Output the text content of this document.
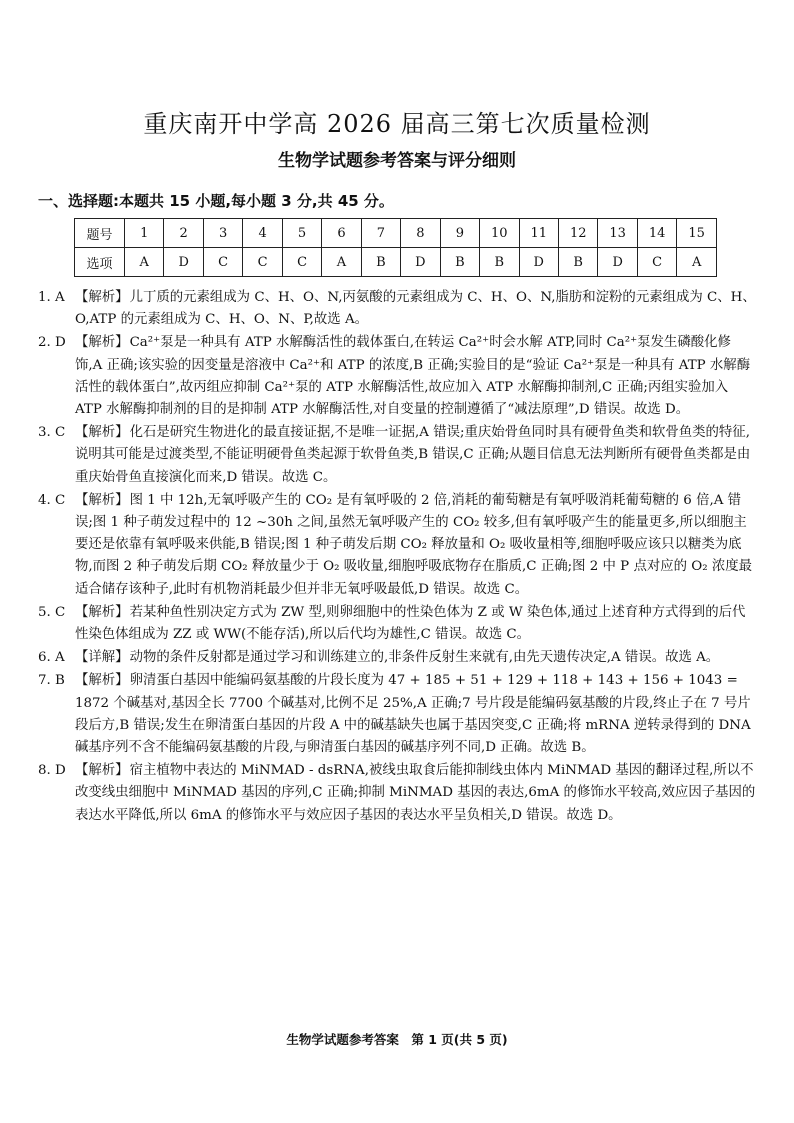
重庆南开中学高 2026 届高三第七次质量检测
生物学试题参考答案与评分细则
一、选择题:本题共 15 小题,每小题 3 分,共 45 分。
题号	1	2	3	4	5	6	7	8	9	10	11	12	13	14	15
选项	A	D	C	C	C	A	B	D	B	B	D	B	D	C	A
1. A 【解析】儿丁质的元素组成为 C、H、O、N,丙氨酸的元素组成为 C、H、O、N,脂肪和淀粉的元素组成为 C、H、O,ATP 的元素组成为 C、H、O、N、P,故选 A。
2. D 【解析】Ca²⁺泵是一种具有 ATP 水解酶活性的载体蛋白,在转运 Ca²⁺时会水解 ATP,同时 Ca²⁺泵发生磷酸化修饰,A 正确;该实验的因变量是溶液中 Ca²⁺和 ATP 的浓度,B 正确;实验目的是“验证 Ca²⁺泵是一种具有 ATP 水解酶活性的载体蛋白”,故丙组应抑制 Ca²⁺泵的 ATP 水解酶活性,故应加入 ATP 水解酶抑制剂,C 正确;丙组实验加入 ATP 水解酶抑制剂的目的是抑制 ATP 水解酶活性,对自变量的控制遵循了“减法原理”,D 错误。故选 D。
3. C 【解析】化石是研究生物进化的最直接证据,不是唯一证据,A 错误;重庆始骨鱼同时具有硬骨鱼类和软骨鱼类的特征,说明其可能是过渡类型,不能证明硬骨鱼类起源于软骨鱼类,B 错误,C 正确;从题目信息无法判断所有硬骨鱼类都是由重庆始骨鱼直接演化而来,D 错误。故选 C。
4. C 【解析】图 1 中 12h,无氧呼吸产生的 CO₂ 是有氧呼吸的 2 倍,消耗的葡萄糖是有氧呼吸消耗葡萄糖的 6 倍,A 错误;图 1 种子萌发过程中的 12 ~30h 之间,虽然无氧呼吸产生的 CO₂ 较多,但有氧呼吸产生的能量更多,所以细胞主要还是依靠有氧呼吸来供能,B 错误;图 1 种子萌发后期 CO₂ 释放量和 O₂ 吸收量相等,细胞呼吸应该只以糖类为底物,而图 2 种子萌发后期 CO₂ 释放量少于 O₂ 吸收量,细胞呼吸底物存在脂质,C 正确;图 2 中 P 点对应的 O₂ 浓度最适合储存该种子,此时有机物消耗最少但并非无氧呼吸最低,D 错误。故选 C。
5. C 【解析】若某种鱼性别决定方式为 ZW 型,则卵细胞中的性染色体为 Z 或 W 染色体,通过上述育种方式得到的后代性染色体组成为 ZZ 或 WW(不能存活),所以后代均为雄性,C 错误。故选 C。
6. A 【详解】动物的条件反射都是通过学习和训练建立的,非条件反射生来就有,由先天遗传决定,A 错误。故选 A。
7. B 【解析】卵清蛋白基因中能编码氨基酸的片段长度为 47 + 185 + 51 + 129 + 118 + 143 + 156 + 1043 = 1872 个碱基对,基因全长 7700 个碱基对,比例不足 25%,A 正确;7 号片段是能编码氨基酸的片段,终止子在 7 号片段后方,B 错误;发生在卵清蛋白基因的片段 A 中的碱基缺失也属于基因突变,C 正确;将 mRNA 逆转录得到的 DNA 碱基序列不含不能编码氨基酸的片段,与卵清蛋白基因的碱基序列不同,D 正确。故选 B。
8. D 【解析】宿主植物中表达的 MiNMAD - dsRNA,被线虫取食后能抑制线虫体内 MiNMAD 基因的翻译过程,所以不改变线虫细胞中 MiNMAD 基因的序列,C 正确;抑制 MiNMAD 基因的表达,6mA 的修饰水平较高,效应因子基因的表达水平降低,所以 6mA 的修饰水平与效应因子基因的表达水平呈负相关,D 错误。故选 D。
生物学试题参考答案　第 1 页(共 5 页)
